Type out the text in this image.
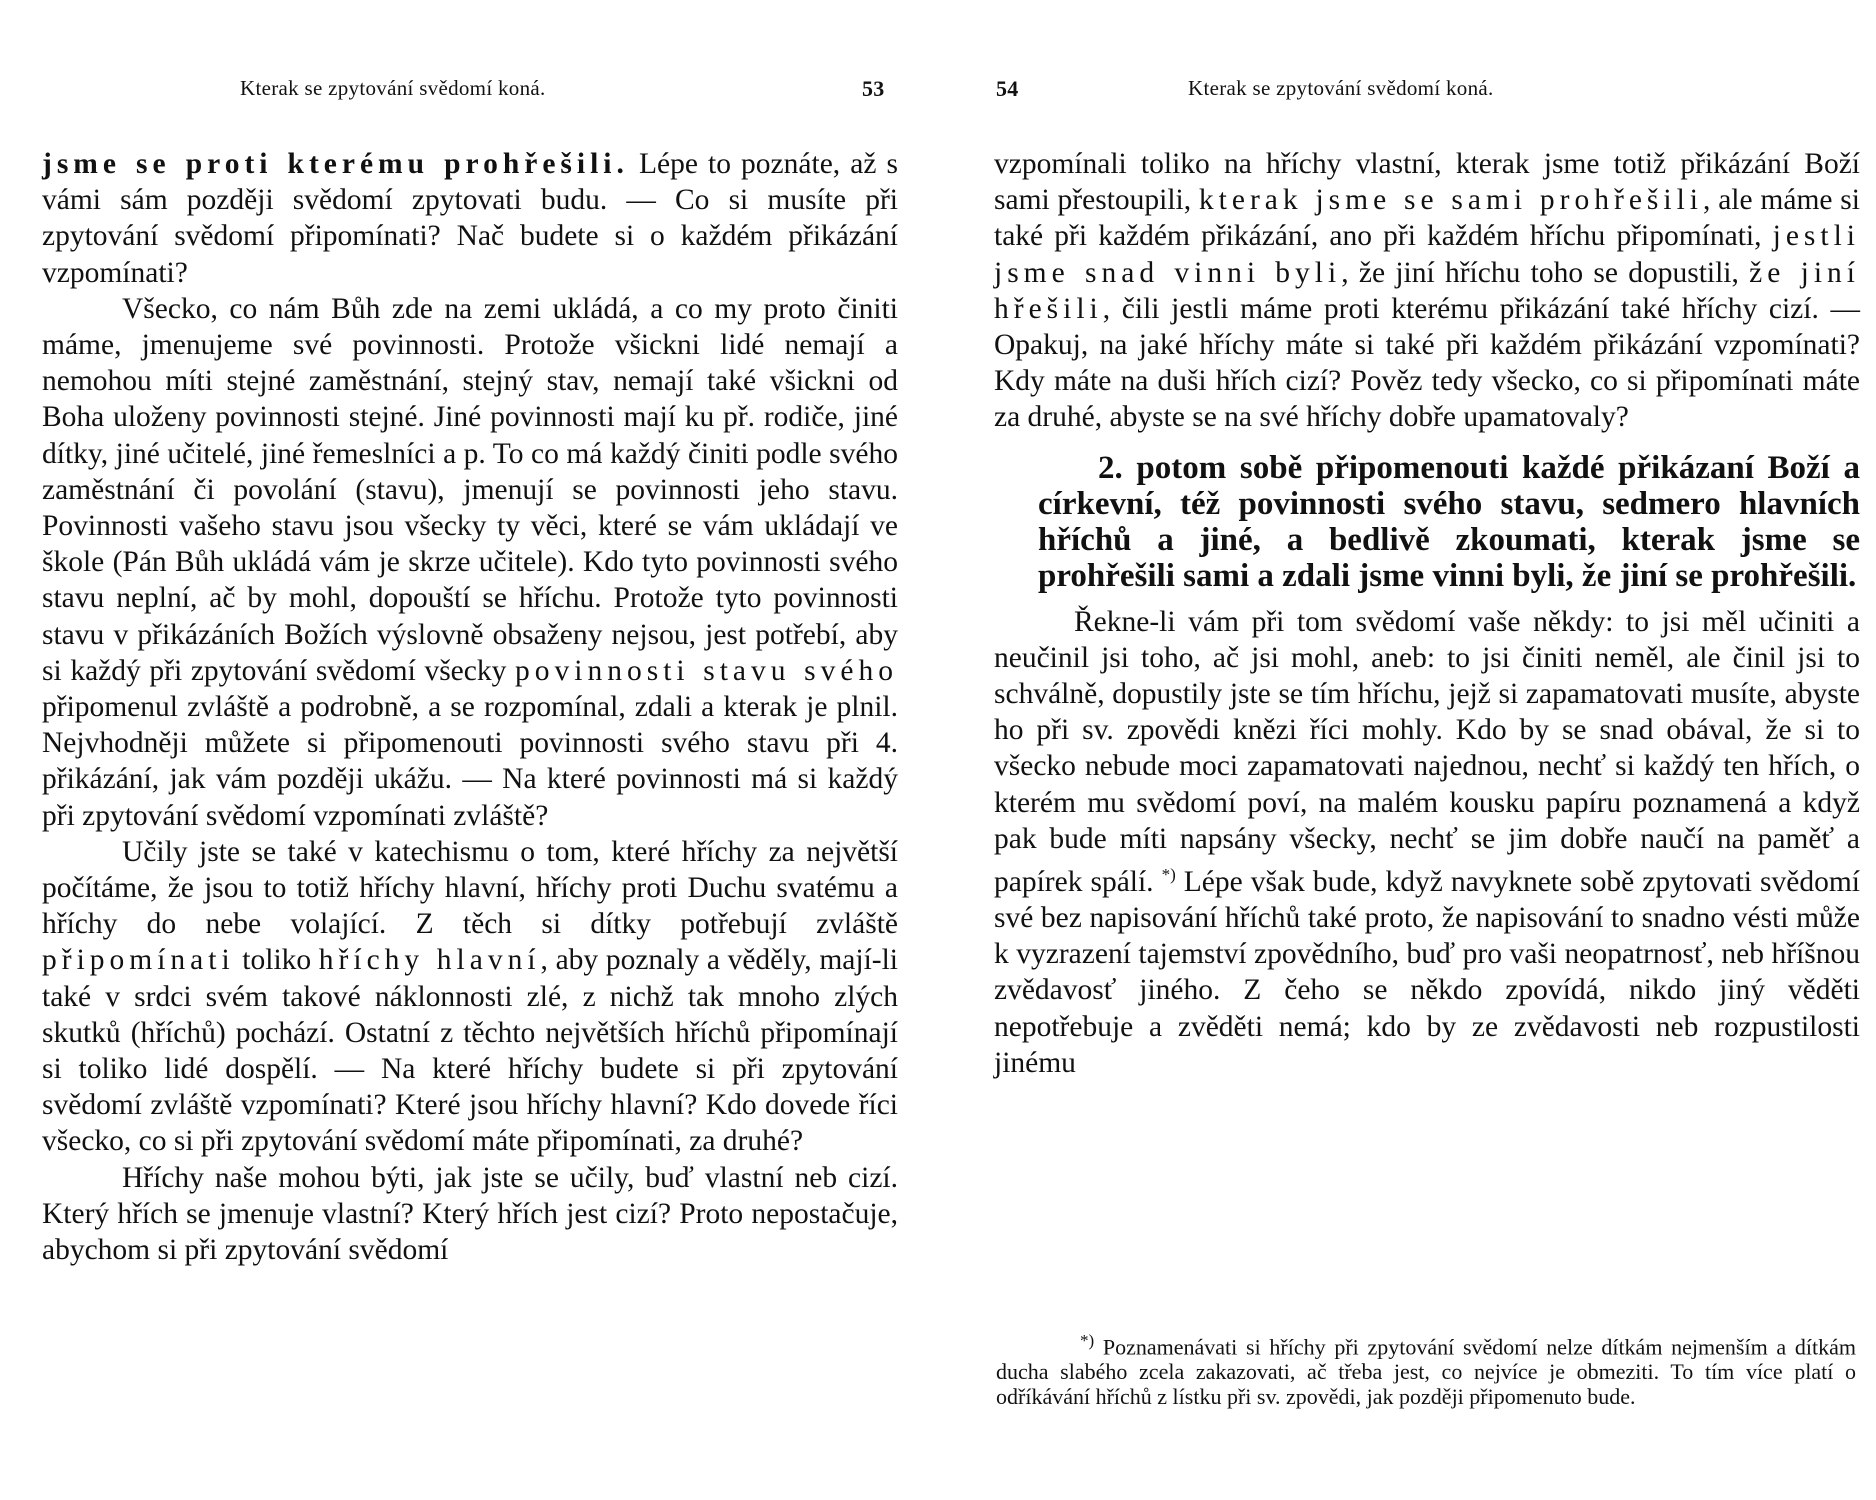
Kterak se zpytování svědomí koná.	53

jsme se proti kterému prohřešili. Lépe to poznáte, až s vámi sám později svědomí zpytovati budu. — Co si musíte při zpytování svědomí připomínati? Nač budete si o každém přikázání vzpomínati?

Všecko, co nám Bůh zde na zemi ukládá, a co my proto činiti máme, jmenujeme své povinnosti. Protože všickni lidé nemají a nemohou míti stejné zaměstnání, stejný stav, nemají také všickni od Boha uloženy povinnosti stejné. Jiné povinnosti mají ku př. rodiče, jiné dítky, jiné učitelé, jiné řemeslníci a p. To co má každý činiti podle svého zaměstnání či povolání (stavu), jmenují se povinnosti jeho stavu. Povinnosti vašeho stavu jsou všecky ty věci, které se vám ukládají ve škole (Pán Bůh ukládá vám je skrze učitele). Kdo tyto povinnosti svého stavu neplní, ač by mohl, dopouští se hříchu. Protože tyto povinnosti stavu v přikázáních Božích výslovně obsaženy nejsou, jest potřebí, aby si každý při zpytování svědomí všecky povinnosti stavu svého připomenul zvláště a podrobně, a se rozpomínal, zdali a kterak je plnil. Nejvhodněji můžete si připomenouti povinnosti svého stavu při 4. přikázání, jak vám později ukážu. — Na které povinnosti má si každý při zpytování svědomí vzpomínati zvláště?

Učily jste se také v katechismu o tom, které hříchy za největší počítáme, že jsou to totiž hříchy hlavní, hříchy proti Duchu svatému a hříchy do nebe volající. Z těch si dítky potřebují zvláště připomínati toliko hříchy hlavní, aby poznaly a věděly, mají-li také v srdci svém takové náklonnosti zlé, z nichž tak mnoho zlých skutků (hříchů) pochází. Ostatní z těchto největších hříchů připomínají si toliko lidé dospělí. — Na které hříchy budete si při zpytování svědomí zvláště vzpomínati? Které jsou hříchy hlavní? Kdo dovede říci všecko, co si při zpytování svědomí máte připomínati, za druhé?

Hříchy naše mohou býti, jak jste se učily, buď vlastní neb cizí. Který hřích se jmenuje vlastní? Který hřích jest cizí? Proto nepostačuje, abychom si při zpytování svědomí

54	Kterak se zpytování svědomí koná.

vzpomínali toliko na hříchy vlastní, kterak jsme totiž přikázání Boží sami přestoupili, kterak jsme se sami prohřešili, ale máme si také při každém přikázání, ano při každém hříchu připomínati, jestli jsme snad vinni byli, že jiní hříchu toho se dopustili, že jiní hřešili, čili jestli máme proti kterému přikázání také hříchy cizí. — Opakuj, na jaké hříchy máte si také při každém přikázání vzpomínati? Kdy máte na duši hřích cizí? Pověz tedy všecko, co si připomínati máte za druhé, abyste se na své hříchy dobře upamatovaly?

2. potom sobě připomenouti každé přikázaní Boží a církevní, též povinnosti svého stavu, sedmero hlavních hříchů a jiné, a bedlivě zkoumati, kterak jsme se prohřešili sami a zdali jsme vinni byli, že jiní se prohřešili.

Řekne-li vám při tom svědomí vaše někdy: to jsi měl učiniti a neučinil jsi toho, ač jsi mohl, aneb: to jsi činiti neměl, ale činil jsi to schválně, dopustily jste se tím hříchu, jejž si zapamatovati musíte, abyste ho při sv. zpovědi knězi říci mohly. Kdo by se snad obával, že si to všecko nebude moci zapamatovati najednou, nechť si každý ten hřích, o kterém mu svědomí poví, na malém kousku papíru poznamená a když pak bude míti napsány všecky, nechť se jim dobře naučí na paměť a papírek spálí. *) Lépe však bude, když navyknete sobě zpytovati svědomí své bez napisování hříchů také proto, že napisování to snadno vésti může k vyzrazení tajemství zpovědního, buď pro vaši neopatrnosť, neb hříšnou zvědavosť jiného. Z čeho se někdo zpovídá, nikdo jiný věděti nepotřebuje a zvěděti nemá; kdo by ze zvědavosti neb rozpustilosti jinému

*) Poznamenávati si hříchy při zpytování svědomí nelze dítkám nejmenším a dítkám ducha slabého zcela zakazovati, ač třeba jest, co nejvíce je obmeziti. To tím více platí o odříkávání hříchů z lístku při sv. zpovědi, jak později připomenuto bude.
